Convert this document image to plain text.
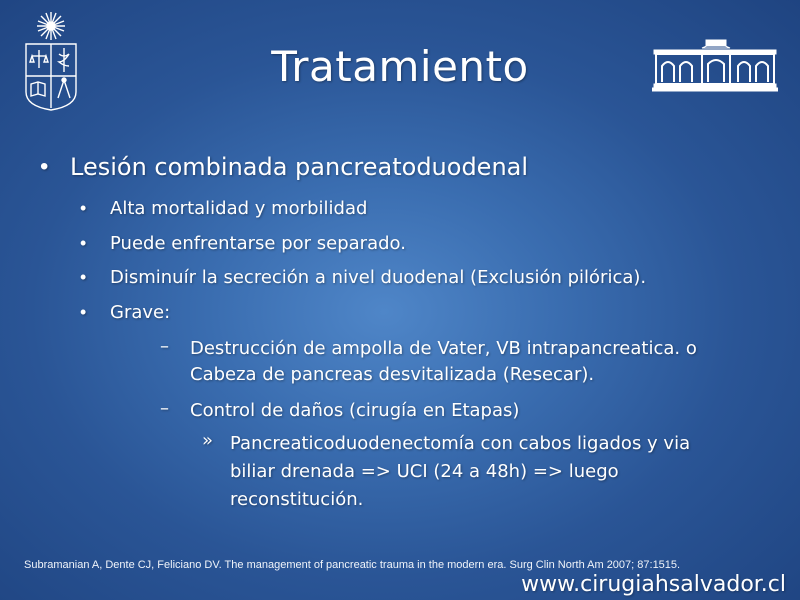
Tratamiento
• Lesión combinada pancreatoduodenal
• Alta mortalidad y morbilidad
• Puede enfrentarse por separado.
• Disminuír la secreción a nivel duodenal (Exclusión pilórica).
• Grave:
– Destrucción de ampolla de Vater, VB intrapancreatica. o Cabeza de pancreas desvitalizada (Resecar).
– Control de daños (cirugía en Etapas)
» Pancreaticoduodenectomía con cabos ligados y via biliar drenada => UCI (24 a 48h) => luego reconstitución.
Subramanian A, Dente CJ, Feliciano DV. The management of pancreatic trauma in the modern era. Surg Clin North Am 2007; 87:1515.
www.cirugiahsalvador.cl
